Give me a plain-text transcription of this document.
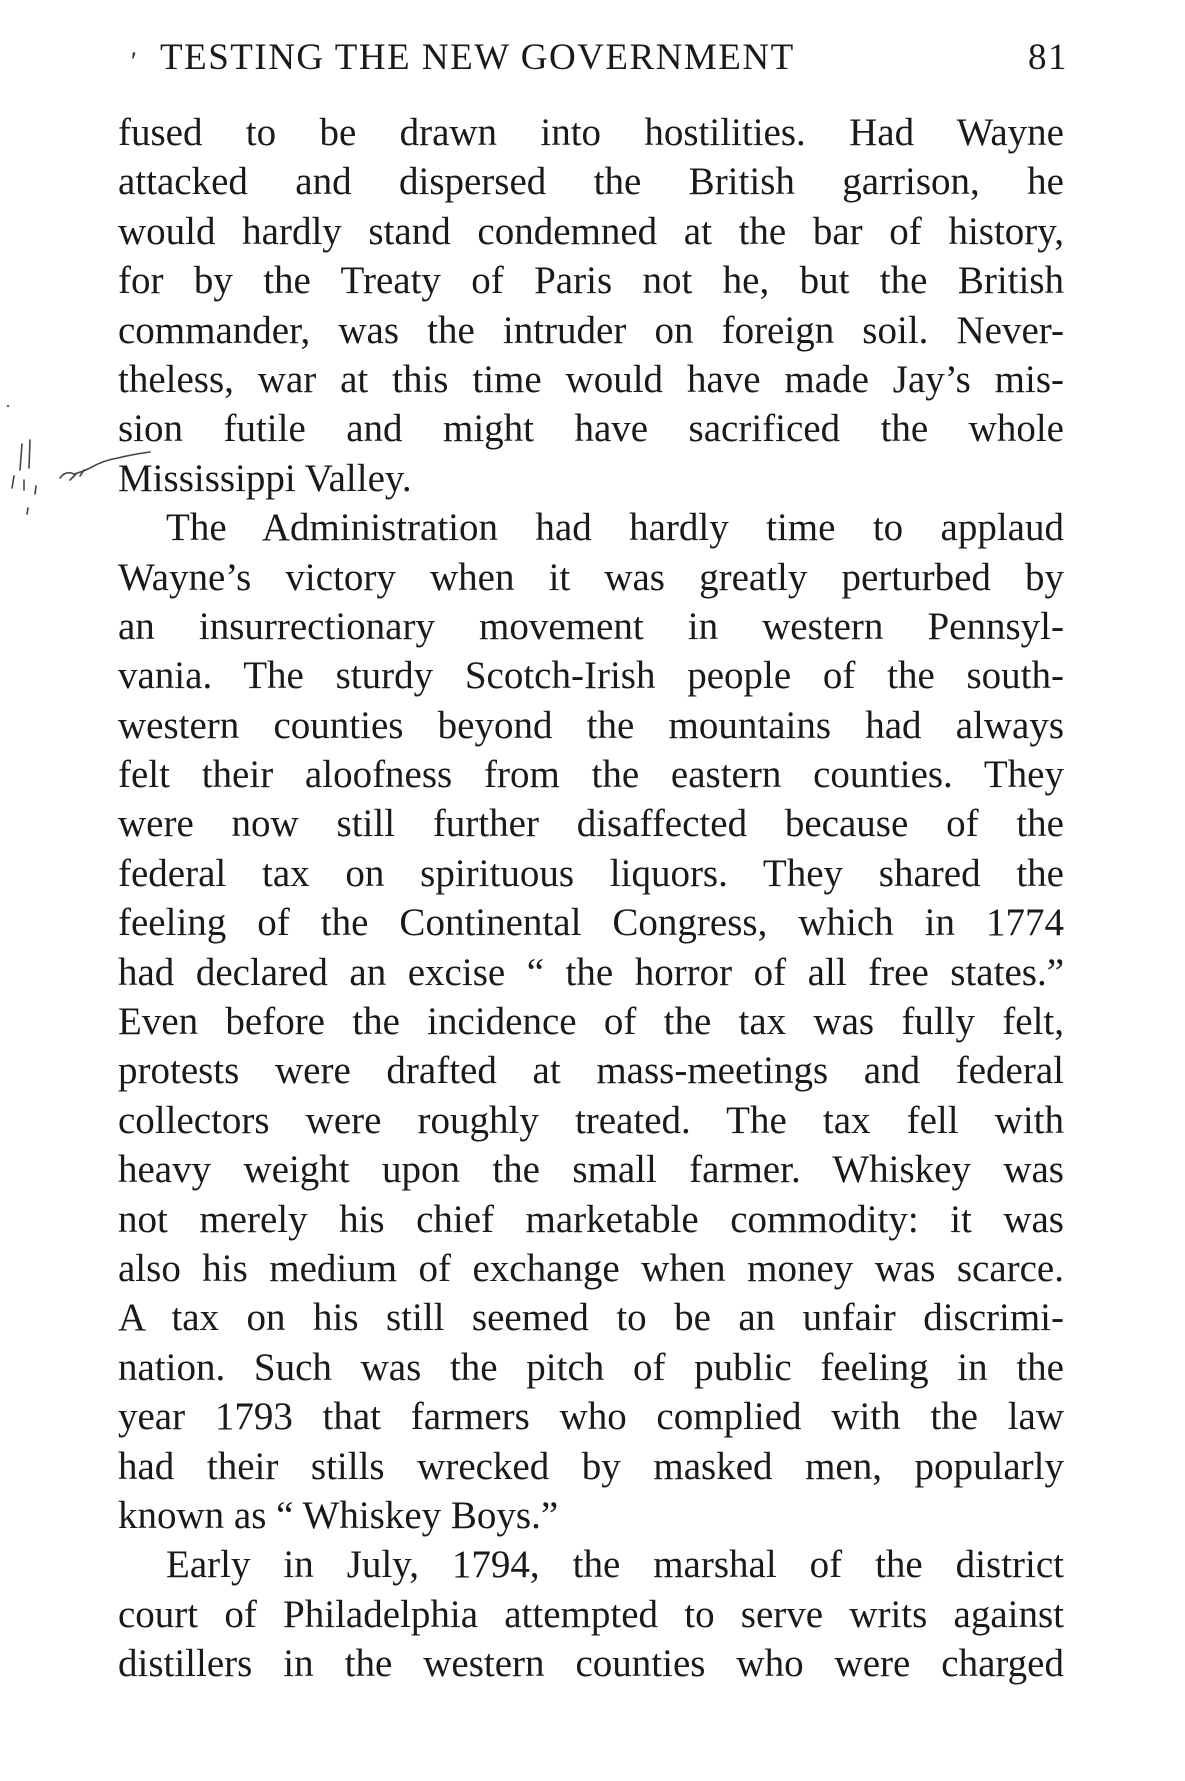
′ TESTING THE NEW GOVERNMENT	81
fused to be drawn into hostilities. Had Wayne
attacked and dispersed the British garrison, he
would hardly stand condemned at the bar of history,
for by the Treaty of Paris not he, but the British
commander, was the intruder on foreign soil. Never-
theless, war at this time would have made Jay’s mis-
sion futile and might have sacrificed the whole
Mississippi Valley.
The Administration had hardly time to applaud
Wayne’s victory when it was greatly perturbed by
an insurrectionary movement in western Pennsyl-
vania. The sturdy Scotch-Irish people of the south-
western counties beyond the mountains had always
felt their aloofness from the eastern counties. They
were now still further disaffected because of the
federal tax on spirituous liquors. They shared the
feeling of the Continental Congress, which in 1774
had declared an excise “ the horror of all free states.”
Even before the incidence of the tax was fully felt,
protests were drafted at mass-meetings and federal
collectors were roughly treated. The tax fell with
heavy weight upon the small farmer. Whiskey was
not merely his chief marketable commodity: it was
also his medium of exchange when money was scarce.
A tax on his still seemed to be an unfair discrimi-
nation. Such was the pitch of public feeling in the
year 1793 that farmers who complied with the law
had their stills wrecked by masked men, popularly
known as “ Whiskey Boys.”
Early in July, 1794, the marshal of the district
court of Philadelphia attempted to serve writs against
distillers in the western counties who were charged
